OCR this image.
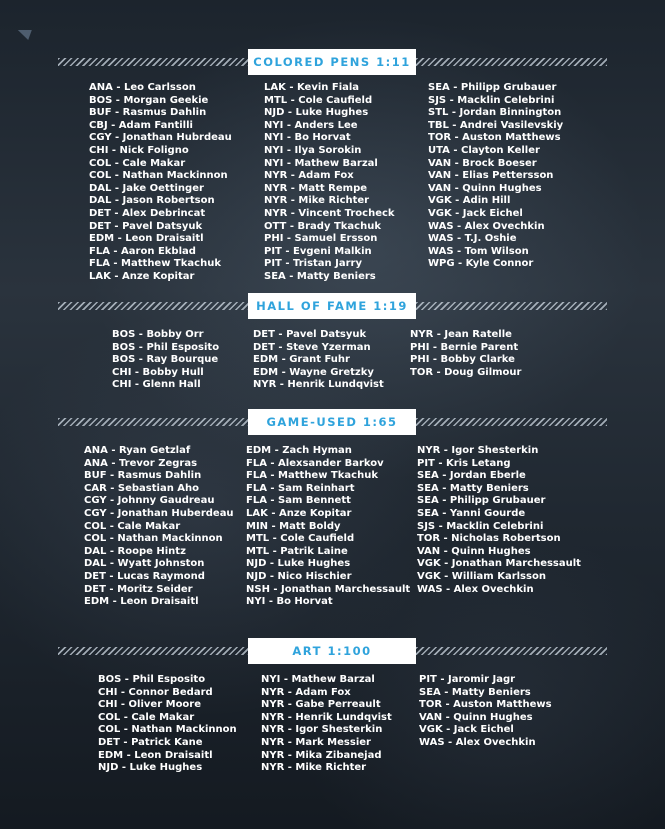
COLORED PENS 1:11
ANA - Leo Carlsson
BOS - Morgan Geekie
BUF - Rasmus Dahlin
CBJ - Adam Fantilli
CGY - Jonathan Hubrdeau
CHI - Nick Foligno
COL - Cale Makar
COL - Nathan Mackinnon
DAL - Jake Oettinger
DAL - Jason Robertson
DET - Alex Debrincat
DET - Pavel Datsyuk
EDM - Leon Draisaitl
FLA - Aaron Ekblad
FLA - Matthew Tkachuk
LAK - Anze Kopitar
LAK - Kevin Fiala
MTL - Cole Caufield
NJD - Luke Hughes
NYI - Anders Lee
NYI - Bo Horvat
NYI - Ilya Sorokin
NYI - Mathew Barzal
NYR - Adam Fox
NYR - Matt Rempe
NYR - Mike Richter
NYR - Vincent Trocheck
OTT - Brady Tkachuk
PHI - Samuel Ersson
PIT - Evgeni Malkin
PIT - Tristan Jarry
SEA - Matty Beniers
SEA - Philipp Grubauer
SJS - Macklin Celebrini
STL - Jordan Binnington
TBL - Andrei Vasilevskiy
TOR - Auston Matthews
UTA - Clayton Keller
VAN - Brock Boeser
VAN - Elias Pettersson
VAN - Quinn Hughes
VGK - Adin Hill
VGK - Jack Eichel
WAS - Alex Ovechkin
WAS - T.J. Oshie
WAS - Tom Wilson
WPG - Kyle Connor
HALL OF FAME 1:19
BOS - Bobby Orr
BOS - Phil Esposito
BOS - Ray Bourque
CHI - Bobby Hull
CHI - Glenn Hall
DET - Pavel Datsyuk
DET - Steve Yzerman
EDM - Grant Fuhr
EDM - Wayne Gretzky
NYR - Henrik Lundqvist
NYR - Jean Ratelle
PHI - Bernie Parent
PHI - Bobby Clarke
TOR - Doug Gilmour
GAME-USED 1:65
ANA - Ryan Getzlaf
ANA - Trevor Zegras
BUF - Rasmus Dahlin
CAR - Sebastian Aho
CGY - Johnny Gaudreau
CGY - Jonathan Huberdeau
COL - Cale Makar
COL - Nathan Mackinnon
DAL - Roope Hintz
DAL - Wyatt Johnston
DET - Lucas Raymond
DET - Moritz Seider
EDM - Leon Draisaitl
EDM - Zach Hyman
FLA - Alexsander Barkov
FLA - Matthew Tkachuk
FLA - Sam Reinhart
FLA - Sam Bennett
LAK - Anze Kopitar
MIN - Matt Boldy
MTL - Cole Caufield
MTL - Patrik Laine
NJD - Luke Hughes
NJD - Nico Hischier
NSH - Jonathan Marchessault
NYI - Bo Horvat
NYR - Igor Shesterkin
PIT - Kris Letang
SEA - Jordan Eberle
SEA - Matty Beniers
SEA - Philipp Grubauer
SEA - Yanni Gourde
SJS - Macklin Celebrini
TOR - Nicholas Robertson
VAN - Quinn Hughes
VGK - Jonathan Marchessault
VGK - William Karlsson
WAS - Alex Ovechkin
ART 1:100
BOS - Phil Esposito
CHI - Connor Bedard
CHI - Oliver Moore
COL - Cale Makar
COL - Nathan Mackinnon
DET - Patrick Kane
EDM - Leon Draisaitl
NJD - Luke Hughes
NYI - Mathew Barzal
NYR - Adam Fox
NYR - Gabe Perreault
NYR - Henrik Lundqvist
NYR - Igor Shesterkin
NYR - Mark Messier
NYR - Mika Zibanejad
NYR - Mike Richter
PIT - Jaromir Jagr
SEA - Matty Beniers
TOR - Auston Matthews
VAN - Quinn Hughes
VGK - Jack Eichel
WAS - Alex Ovechkin
